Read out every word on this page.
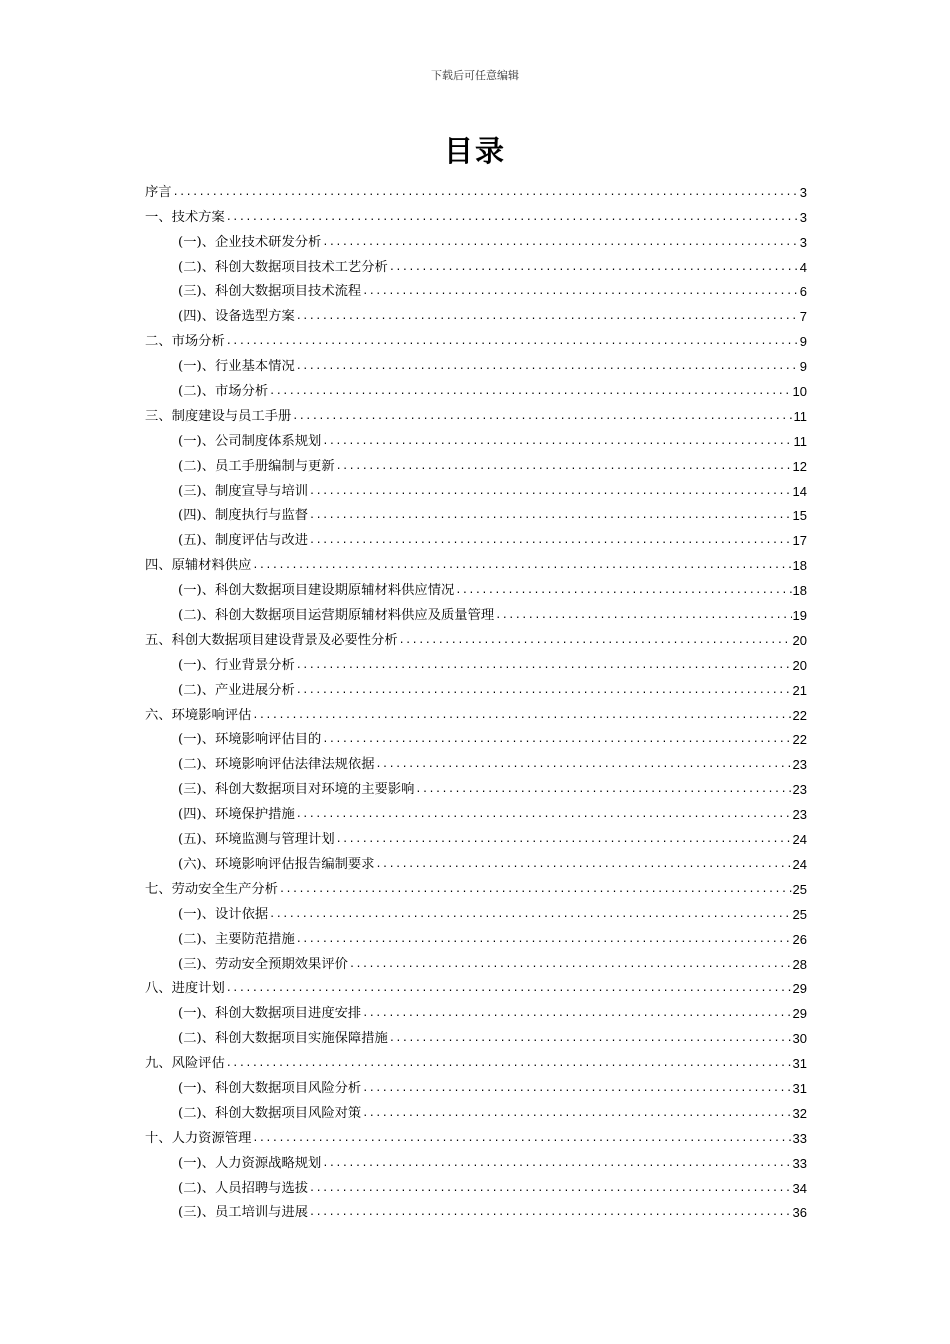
下载后可任意编辑
目录
序言 .....	3
一、技术方案 .....	3
(一)、企业技术研发分析 .....	3
(二)、科创大数据项目技术工艺分析 .....	4
(三)、科创大数据项目技术流程 .....	6
(四)、设备选型方案 .....	7
二、市场分析 .....	9
(一)、行业基本情况 .....	9
(二)、市场分析 .....	10
三、制度建设与员工手册 .....	11
(一)、公司制度体系规划 .....	11
(二)、员工手册编制与更新 .....	12
(三)、制度宣导与培训 .....	14
(四)、制度执行与监督 .....	15
(五)、制度评估与改进 .....	17
四、原辅材料供应 .....	18
(一)、科创大数据项目建设期原辅材料供应情况 .....	18
(二)、科创大数据项目运营期原辅材料供应及质量管理 .....	19
五、科创大数据项目建设背景及必要性分析 .....	20
(一)、行业背景分析 .....	20
(二)、产业进展分析 .....	21
六、环境影响评估 .....	22
(一)、环境影响评估目的 .....	22
(二)、环境影响评估法律法规依据 .....	23
(三)、科创大数据项目对环境的主要影响 .....	23
(四)、环境保护措施 .....	23
(五)、环境监测与管理计划 .....	24
(六)、环境影响评估报告编制要求 .....	24
七、劳动安全生产分析 .....	25
(一)、设计依据 .....	25
(二)、主要防范措施 .....	26
(三)、劳动安全预期效果评价 .....	28
八、进度计划 .....	29
(一)、科创大数据项目进度安排 .....	29
(二)、科创大数据项目实施保障措施 .....	30
九、风险评估 .....	31
(一)、科创大数据项目风险分析 .....	31
(二)、科创大数据项目风险对策 .....	32
十、人力资源管理 .....	33
(一)、人力资源战略规划 .....	33
(二)、人员招聘与选拔 .....	34
(三)、员工培训与进展 .....	36
